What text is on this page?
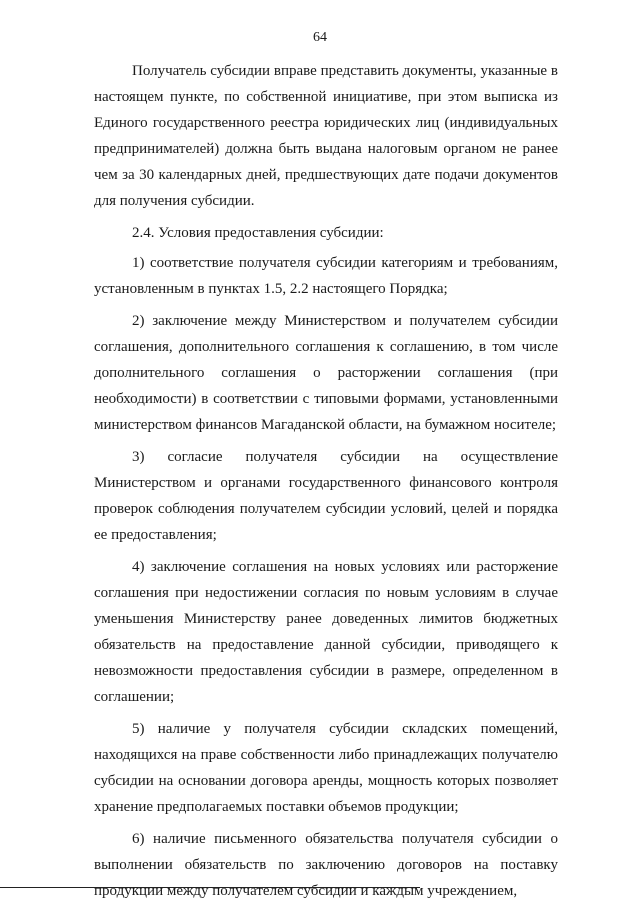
64

Получатель субсидии вправе представить документы, указанные в настоящем пункте, по собственной инициативе, при этом выписка из Единого государственного реестра юридических лиц (индивидуальных предпринимателей) должна быть выдана налоговым органом не ранее чем за 30 календарных дней, предшествующих дате подачи документов для получения субсидии.

2.4. Условия предоставления субсидии:

1) соответствие получателя субсидии категориям и требованиям, установленным в пунктах 1.5, 2.2 настоящего Порядка;

2) заключение между Министерством и получателем субсидии соглашения, дополнительного соглашения к соглашению, в том числе дополнительного соглашения о расторжении соглашения (при необходимости) в соответствии с типовыми формами, установленными министерством финансов Магаданской области, на бумажном носителе;

3) согласие получателя субсидии на осуществление Министерством и органами государственного финансового контроля проверок соблюдения получателем субсидии условий, целей и порядка ее предоставления;

4) заключение соглашения на новых условиях или расторжение соглашения при недостижении согласия по новым условиям в случае уменьшения Министерству ранее доведенных лимитов бюджетных обязательств на предоставление данной субсидии, приводящего к невозможности предоставления субсидии в размере, определенном в соглашении;

5) наличие у получателя субсидии складских помещений, находящихся на праве собственности либо принадлежащих получателю субсидии на основании договора аренды, мощность которых позволяет хранение предполагаемых поставки объемов продукции;

6) наличие письменного обязательства получателя субсидии о выполнении обязательств по заключению договоров на поставку продукции между получателем субсидии и каждым учреждением,
